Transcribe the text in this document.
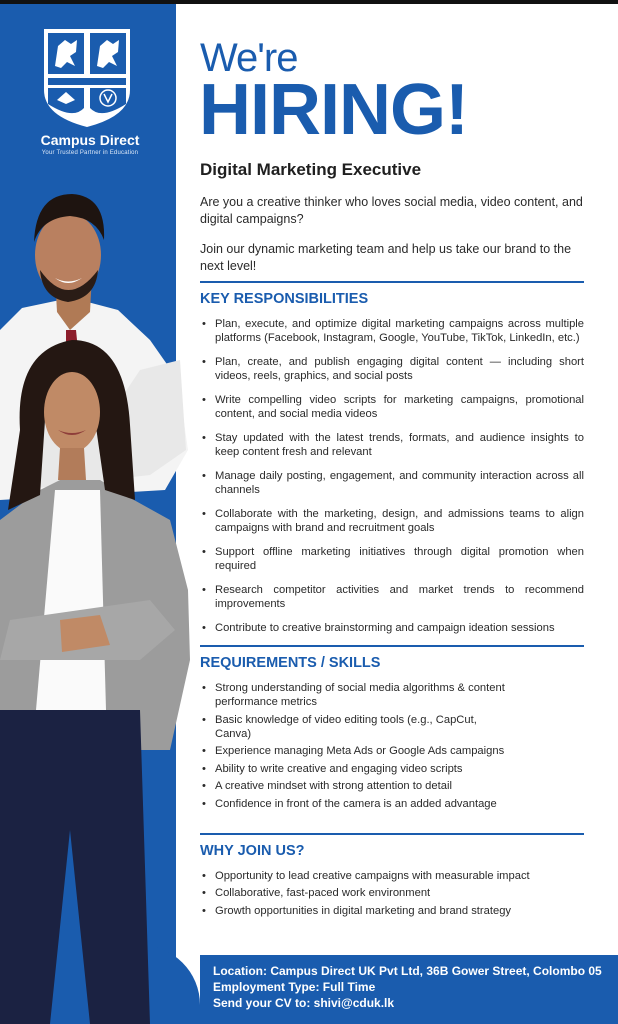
Campus Direct
Your Trusted Partner in Education
We're
HIRING!
Digital Marketing Executive

Are you a creative thinker who loves social media, video content, and digital campaigns?

Join our dynamic marketing team and help us take our brand to the next level!

KEY RESPONSIBILITIES
• Plan, execute, and optimize digital marketing campaigns across multiple platforms (Facebook, Instagram, Google, YouTube, TikTok, LinkedIn, etc.)
• Plan, create, and publish engaging digital content — including short videos, reels, graphics, and social posts
• Write compelling video scripts for marketing campaigns, promotional content, and social media videos
• Stay updated with the latest trends, formats, and audience insights to keep content fresh and relevant
• Manage daily posting, engagement, and community interaction across all channels
• Collaborate with the marketing, design, and admissions teams to align campaigns with brand and recruitment goals
• Support offline marketing initiatives through digital promotion when required
• Research competitor activities and market trends to recommend improvements
• Contribute to creative brainstorming and campaign ideation sessions
REQUIREMENTS / SKILLS
• Strong understanding of social media algorithms & content performance metrics
• Basic knowledge of video editing tools (e.g., CapCut, Canva)
• Experience managing Meta Ads or Google Ads campaigns
• Ability to write creative and engaging video scripts
• A creative mindset with strong attention to detail
• Confidence in front of the camera is an added advantage
WHY JOIN US?
• Opportunity to lead creative campaigns with measurable impact
• Collaborative, fast-paced work environment
• Growth opportunities in digital marketing and brand strategy
Location: Campus Direct UK Pvt Ltd, 36B Gower Street, Colombo 05
Employment Type: Full Time
Send your CV to: shivi@cduk.lk
